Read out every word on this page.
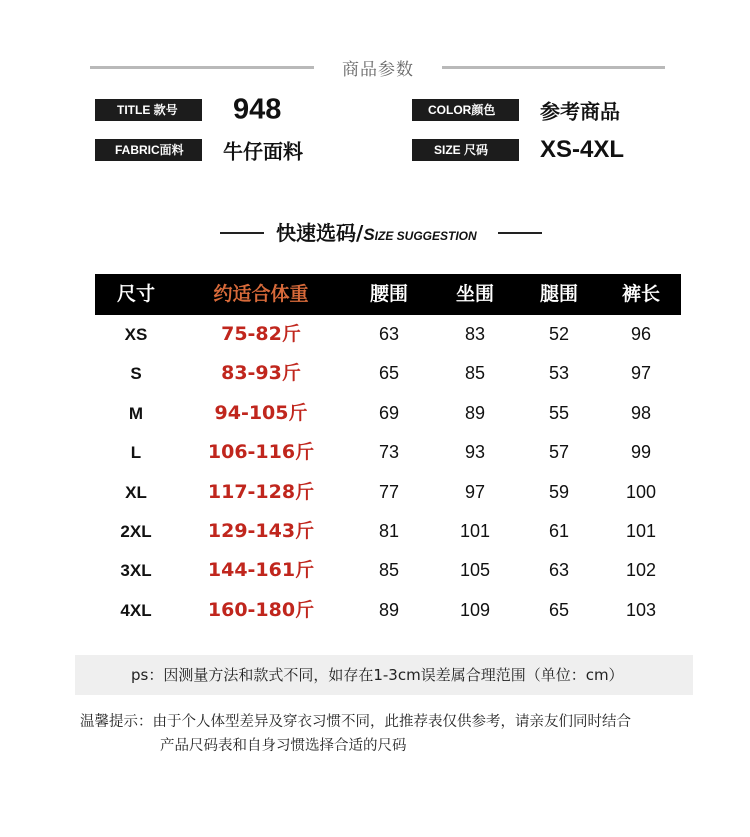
商品参数
TITLE 款号	948	COLOR颜色	参考商品
FABRIC面料	牛仔面料	SIZE 尺码	XS-4XL
快速选码/SIZE SUGGESTION
尺寸	约适合体重	腰围	坐围	腿围	裤长
XS	75-82斤	63	83	52	96
S	83-93斤	65	85	53	97
M	94-105斤	69	89	55	98
L	106-116斤	73	93	57	99
XL	117-128斤	77	97	59	100
2XL	129-143斤	81	101	61	101
3XL	144-161斤	85	105	63	102
4XL	160-180斤	89	109	65	103
ps：因测量方法和款式不同，如存在1-3cm误差属合理范围（单位：cm）
温馨提示：由于个人体型差异及穿衣习惯不同，此推荐表仅供参考，请亲友们同时结合
产品尺码表和自身习惯选择合适的尺码
